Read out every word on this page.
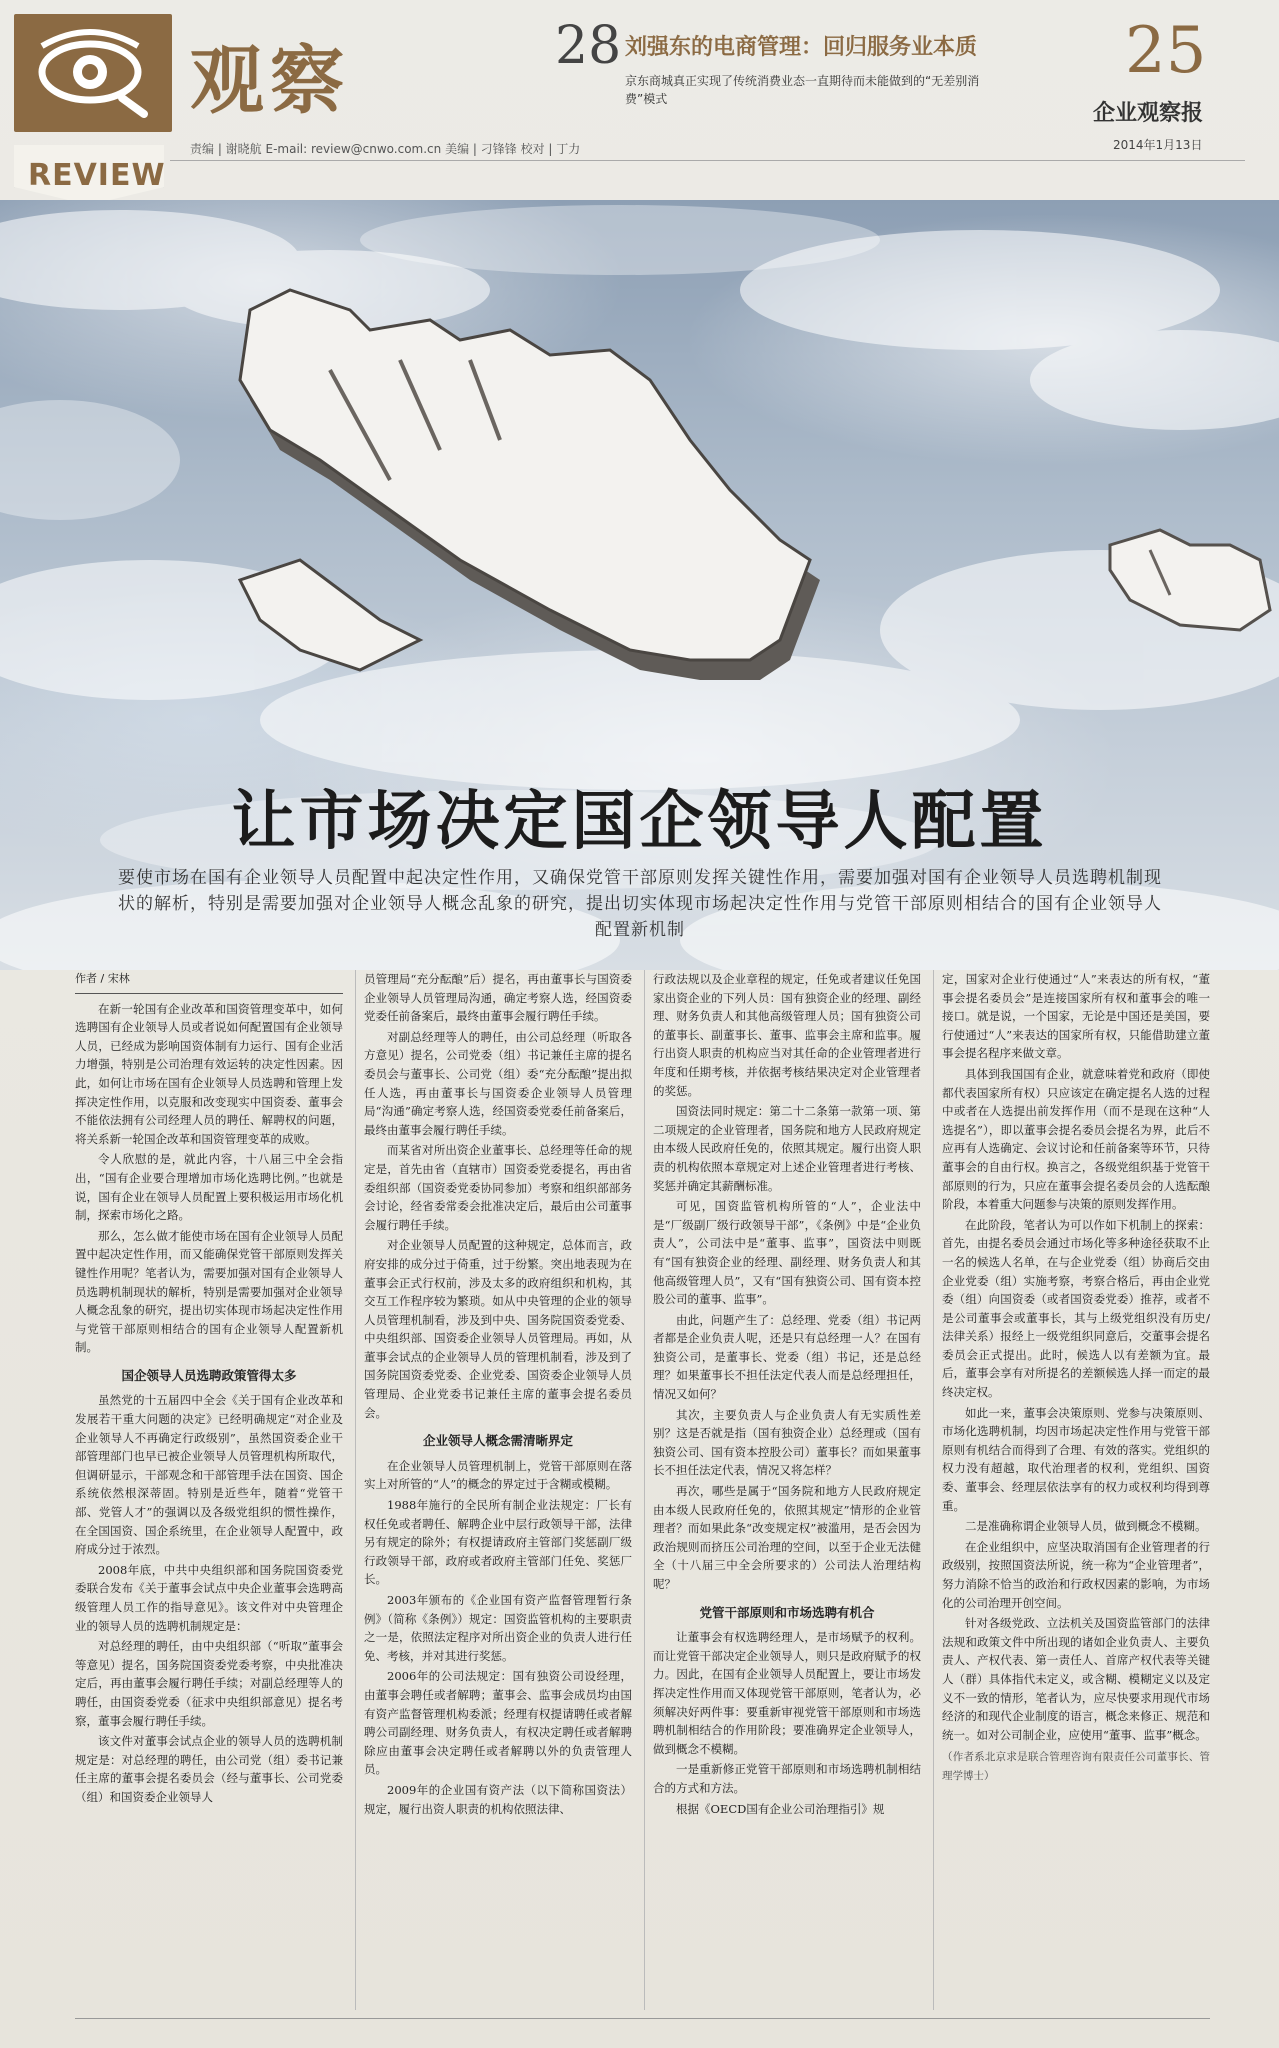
REVIEW
观察
责编 | 谢晓航 E-mail: review@cnwo.com.cn 美编 | 刁锋锋 校对 | 丁力
28 刘强东的电商管理：回归服务业本质
京东商城真正实现了传统消费业态一直期待而未能做到的“无差别消费”模式
25
企业观察报
2014年1月13日
让市场决定国企领导人配置
要使市场在国有企业领导人员配置中起决定性作用，又确保党管干部原则发挥关键性作用，需要加强对国有企业领导人员选聘机制现状的解析，特别是需要加强对企业领导人概念乱象的研究，提出切实体现市场起决定性作用与党管干部原则相结合的国有企业领导人配置新机制
作者 / 宋林

在新一轮国有企业改革和国资管理变革中，如何选聘国有企业领导人员或者说如何配置国有企业领导人员，已经成为影响国资体制有力运行、国有企业活力增强，特别是公司治理有效运转的决定性因素。因此，如何让市场在国有企业领导人员选聘和管理上发挥决定性作用，以克服和改变现实中国资委、董事会不能依法拥有公司经理人员的聘任、解聘权的问题，将关系新一轮国企改革和国资管理变革的成败。

令人欣慰的是，就此内容，十八届三中全会指出，“国有企业要合理增加市场化选聘比例。”也就是说，国有企业在领导人员配置上要积极运用市场化机制，探索市场化之路。

那么，怎么做才能使市场在国有企业领导人员配置中起决定性作用，而又能确保党管干部原则发挥关键性作用呢？笔者认为，需要加强对国有企业领导人员选聘机制现状的解析，特别是需要加强对企业领导人概念乱象的研究，提出切实体现市场起决定性作用与党管干部原则相结合的国有企业领导人配置新机制。

国企领导人员选聘政策管得太多

虽然党的十五届四中全会《关于国有企业改革和发展若干重大问题的决定》已经明确规定“对企业及企业领导人不再确定行政级别”，虽然国资委企业干部管理部门也早已被企业领导人员管理机构所取代，但调研显示，干部观念和干部管理手法在国资、国企系统依然根深蒂固。特别是近些年，随着“党管干部、党管人才”的强调以及各级党组织的惯性操作，在全国国资、国企系统里，在企业领导人配置中，政府成分过于浓烈。

2008年底，中共中央组织部和国务院国资委党委联合发布《关于董事会试点中央企业董事会选聘高级管理人员工作的指导意见》。该文件对中央管理企业的领导人员的选聘机制规定是：

对总经理的聘任，由中央组织部（“听取”董事会等意见）提名，国务院国资委党委考察，中央批准决定后，再由董事会履行聘任手续；对副总经理等人的聘任，由国资委党委（征求中央组织部意见）提名考察，董事会履行聘任手续。

该文件对董事会试点企业的领导人员的选聘机制规定是：对总经理的聘任，由公司党（组）委书记兼任主席的董事会提名委员会（经与董事长、公司党委（组）和国资委企业领导人

员管理局“充分酝酿”后）提名，再由董事长与国资委企业领导人员管理局沟通，确定考察人选，经国资委党委任前备案后，最终由董事会履行聘任手续。

对副总经理等人的聘任，由公司总经理（听取各方意见）提名，公司党委（组）书记兼任主席的提名委员会与董事长、公司党（组）委“充分酝酿”提出拟任人选，再由董事长与国资委企业领导人员管理局“沟通”确定考察人选，经国资委党委任前备案后，最终由董事会履行聘任手续。

而某省对所出资企业董事长、总经理等任命的规定是，首先由省（直辖市）国资委党委提名，再由省委组织部（国资委党委协同参加）考察和组织部部务会讨论，经省委常委会批准决定后，最后由公司董事会履行聘任手续。

对企业领导人员配置的这种规定，总体而言，政府安排的成分过于倚重，过于纷繁。突出地表现为在董事会正式行权前，涉及太多的政府组织和机构，其交互工作程序较为繁琐。如从中央管理的企业的领导人员管理机制看，涉及到中央、国务院国资委党委、中央组织部、国资委企业领导人员管理局。再如，从董事会试点的企业领导人员的管理机制看，涉及到了国务院国资委党委、企业党委、国资委企业领导人员管理局、企业党委书记兼任主席的董事会提名委员会。

企业领导人概念需清晰界定

在企业领导人员管理机制上，党管干部原则在落实上对所管的“人”的概念的界定过于含糊或模糊。

1988年施行的全民所有制企业法规定：厂长有权任免或者聘任、解聘企业中层行政领导干部，法律另有规定的除外；有权提请政府主管部门奖惩副厂级行政领导干部，政府或者政府主管部门任免、奖惩厂长。

2003年颁布的《企业国有资产监督管理暂行条例》（简称《条例》）规定：国资监管机构的主要职责之一是，依照法定程序对所出资企业的负责人进行任免、考核，并对其进行奖惩。

2006年的公司法规定：国有独资公司设经理，由董事会聘任或者解聘；董事会、监事会成员均由国有资产监督管理机构委派；经理有权提请聘任或者解聘公司副经理、财务负责人，有权决定聘任或者解聘除应由董事会决定聘任或者解聘以外的负责管理人员。

2009年的企业国有资产法（以下简称国资法）规定，履行出资人职责的机构依照法律、

行政法规以及企业章程的规定，任免或者建议任免国家出资企业的下列人员：国有独资企业的经理、副经理、财务负责人和其他高级管理人员；国有独资公司的董事长、副董事长、董事、监事会主席和监事。履行出资人职责的机构应当对其任命的企业管理者进行年度和任期考核，并依据考核结果决定对企业管理者的奖惩。

国资法同时规定：第二十二条第一款第一项、第二项规定的企业管理者，国务院和地方人民政府规定由本级人民政府任免的，依照其规定。履行出资人职责的机构依照本章规定对上述企业管理者进行考核、奖惩并确定其薪酬标准。

可见，国资监管机构所管的“人”，企业法中是“厂级副厂级行政领导干部”，《条例》中是“企业负责人”，公司法中是“董事、监事”，国资法中则既有“国有独资企业的经理、副经理、财务负责人和其他高级管理人员”，又有“国有独资公司、国有资本控股公司的董事、监事”。

由此，问题产生了：总经理、党委（组）书记两者都是企业负责人呢，还是只有总经理一人？在国有独资公司，是董事长、党委（组）书记，还是总经理？如果董事长不担任法定代表人而是总经理担任，情况又如何？

其次，主要负责人与企业负责人有无实质性差别？这是否就是指（国有独资企业）总经理或（国有独资公司、国有资本控股公司）董事长？而如果董事长不担任法定代表，情况又将怎样？

再次，哪些是属于“国务院和地方人民政府规定由本级人民政府任免的，依照其规定”情形的企业管理者？而如果此条“改变规定权”被滥用，是否会因为政治规则而挤压公司治理的空间，以至于企业无法健全（十八届三中全会所要求的）公司法人治理结构呢？

党管干部原则和市场选聘有机合

让董事会有权选聘经理人，是市场赋予的权利。而让党管干部决定企业领导人，则只是政府赋予的权力。因此，在国有企业领导人员配置上，要让市场发挥决定性作用而又体现党管干部原则，笔者认为，必须解决好两件事：要重新审视党管干部原则和市场选聘机制相结合的作用阶段；要准确界定企业领导人，做到概念不模糊。

一是重新修正党管干部原则和市场选聘机制相结合的方式和方法。

根据《OECD国有企业公司治理指引》规

定，国家对企业行使通过“人”来表达的所有权，“董事会提名委员会”是连接国家所有权和董事会的唯一接口。就是说，一个国家，无论是中国还是美国，要行使通过“人”来表达的国家所有权，只能借助建立董事会提名程序来做文章。

具体到我国国有企业，就意味着党和政府（即使都代表国家所有权）只应该定在确定提名人选的过程中或者在人选提出前发挥作用（而不是现在这种“人选提名”），即以董事会提名委员会提名为界，此后不应再有人选确定、会议讨论和任前备案等环节，只待董事会的自由行权。换言之，各级党组织基于党管干部原则的行为，只应在董事会提名委员会的人选酝酿阶段，本着重大问题参与决策的原则发挥作用。

在此阶段，笔者认为可以作如下机制上的探索：首先，由提名委员会通过市场化等多种途径获取不止一名的候选人名单，在与企业党委（组）协商后交由企业党委（组）实施考察，考察合格后，再由企业党委（组）向国资委（或者国资委党委）推荐，或者不是公司董事会或董事长，其与上级党组织没有历史/法律关系）报经上一级党组织同意后，交董事会提名委员会正式提出。此时，候选人以有差额为宜。最后，董事会享有对所提名的差额候选人择一而定的最终决定权。

如此一来，董事会决策原则、党参与决策原则、市场化选聘机制，均因市场起决定性作用与党管干部原则有机结合而得到了合理、有效的落实。党组织的权力没有超越，取代治理者的权利，党组织、国资委、董事会、经理层依法享有的权力或权利均得到尊重。

二是准确称谓企业领导人员，做到概念不模糊。

在企业组织中，应坚决取消国有企业管理者的行政级别，按照国资法所说，统一称为“企业管理者”，努力消除不恰当的政治和行政权因素的影响，为市场化的公司治理开创空间。

针对各级党政、立法机关及国资监管部门的法律法规和政策文件中所出现的诸如企业负责人、主要负责人、产权代表、第一责任人、首席产权代表等关键人（群）具体指代未定义，或含糊、模糊定义以及定义不一致的情形，笔者认为，应尽快要求用现代市场经济的和现代企业制度的语言，概念来修正、规范和统一。如对公司制企业，应使用“董事、监事”概念。

（作者系北京求是联合管理咨询有限责任公司董事长、管理学博士）
